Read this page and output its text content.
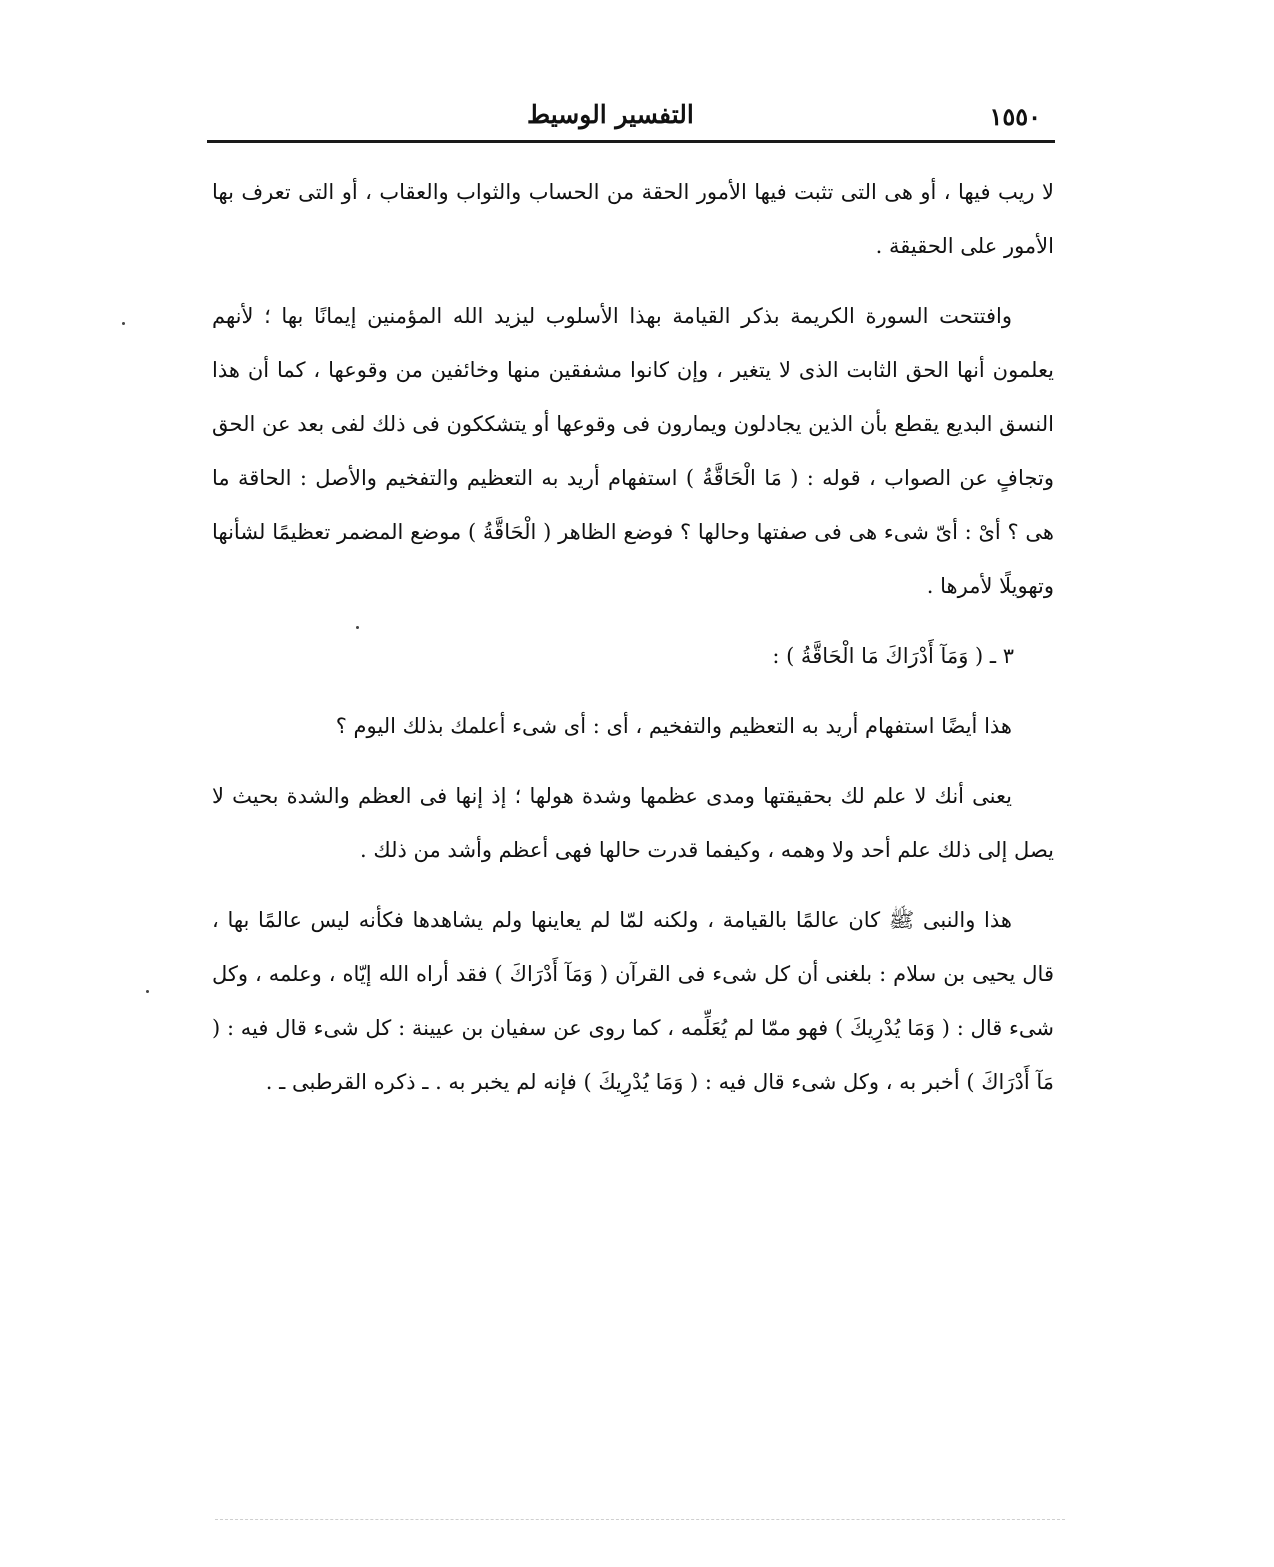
١٥٥٠
التفسير الوسيط

لا ريب فيها ، أو هى التى تثبت فيها الأمور الحقة من الحساب والثواب والعقاب ، أو التى تعرف بها الأمور على الحقيقة .

وافتتحت السورة الكريمة بذكر القيامة بهذا الأسلوب ليزيد الله المؤمنين إيمانًا بها ؛ لأنهم يعلمون أنها الحق الثابت الذى لا يتغير ، وإن كانوا مشفقين منها وخائفين من وقوعها ، كما أن هذا النسق البديع يقطع بأن الذين يجادلون ويمارون فى وقوعها أو يتشككون فى ذلك لفى بعد عن الحق وتجافٍ عن الصواب ، قوله : ( مَا الْحَاقَّةُ ) استفهام أريد به التعظيم والتفخيم والأصل : الحاقة ما هى ؟ أىْ : أىّ شىء هى فى صفتها وحالها ؟ فوضع الظاهر ( الْحَاقَّةُ ) موضع المضمر تعظيمًا لشأنها وتهويلًا لأمرها .

٣ ـ ( وَمَآ أَدْرَاكَ مَا الْحَاقَّةُ ) :

هذا أيضًا استفهام أريد به التعظيم والتفخيم ، أى : أى شىء أعلمك بذلك اليوم ؟

يعنى أنك لا علم لك بحقيقتها ومدى عظمها وشدة هولها ؛ إذ إنها فى العظم والشدة بحيث لا يصل إلى ذلك علم أحد ولا وهمه ، وكيفما قدرت حالها فهى أعظم وأشد من ذلك .

هذا والنبى ﷺ كان عالمًا بالقيامة ، ولكنه لمّا لم يعاينها ولم يشاهدها فكأنه ليس عالمًا بها ، قال يحيى بن سلام : بلغنى أن كل شىء فى القرآن ( وَمَآ أَدْرَاكَ ) فقد أراه الله إيّاه ، وعلمه ، وكل شىء قال : ( وَمَا يُدْرِيكَ ) فهو ممّا لم يُعَلِّمه ، كما روى عن سفيان بن عيينة : كل شىء قال فيه : ( مَآ أَدْرَاكَ ) أخبر به ، وكل شىء قال فيه : ( وَمَا يُدْرِيكَ ) فإنه لم يخبر به . ـ ذكره القرطبى ـ .
